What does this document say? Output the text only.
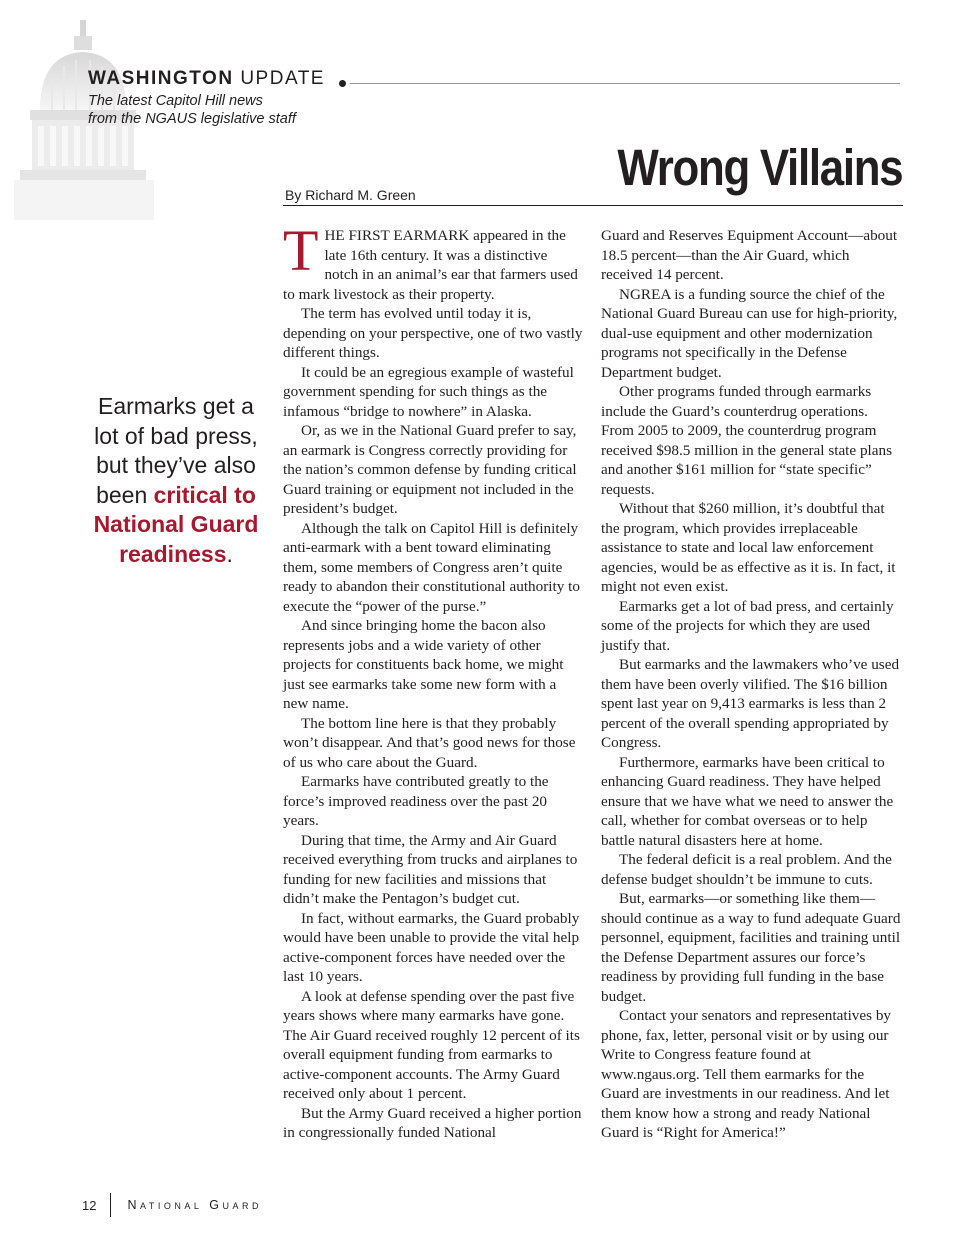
WASHINGTON UPDATE
The latest Capitol Hill news
from the NGAUS legislative staff
Wrong Villains
By Richard M. Green
Earmarks get a lot of bad press, but they’ve also been critical to National Guard readiness.

THE FIRST EARMARK appeared in the late 16th century. It was a distinctive notch in an animal’s ear that farmers used to mark livestock as their property.

The term has evolved until today it is, depending on your perspective, one of two vastly different things.

It could be an egregious example of wasteful government spending for such things as the infamous “bridge to nowhere” in Alaska.

Or, as we in the National Guard prefer to say, an earmark is Congress correctly providing for the nation’s common defense by funding critical Guard training or equipment not included in the president’s budget.

Although the talk on Capitol Hill is definitely anti-earmark with a bent toward eliminating them, some members of Congress aren’t quite ready to abandon their constitutional authority to execute the “power of the purse.”

And since bringing home the bacon also represents jobs and a wide variety of other projects for constituents back home, we might just see earmarks take some new form with a new name.

The bottom line here is that they probably won’t disappear. And that’s good news for those of us who care about the Guard.

Earmarks have contributed greatly to the force’s improved readiness over the past 20 years.

During that time, the Army and Air Guard received everything from trucks and airplanes to funding for new facilities and missions that didn’t make the Pentagon’s budget cut.

In fact, without earmarks, the Guard probably would have been unable to provide the vital help active-component forces have needed over the last 10 years.

A look at defense spending over the past five years shows where many earmarks have gone. The Air Guard received roughly 12 percent of its overall equipment funding from earmarks to active-component accounts. The Army Guard received only about 1 percent.

But the Army Guard received a higher portion in congressionally funded National

Guard and Reserves Equipment Account—about 18.5 percent—than the Air Guard, which received 14 percent.

NGREA is a funding source the chief of the National Guard Bureau can use for high-priority, dual-use equipment and other modernization programs not specifically in the Defense Department budget.

Other programs funded through earmarks include the Guard’s counterdrug operations. From 2005 to 2009, the counterdrug program received $98.5 million in the general state plans and another $161 million for “state specific” requests.

Without that $260 million, it’s doubtful that the program, which provides irreplaceable assistance to state and local law enforcement agencies, would be as effective as it is. In fact, it might not even exist.

Earmarks get a lot of bad press, and certainly some of the projects for which they are used justify that.

But earmarks and the lawmakers who’ve used them have been overly vilified. The $16 billion spent last year on 9,413 earmarks is less than 2 percent of the overall spending appropriated by Congress.

Furthermore, earmarks have been critical to enhancing Guard readiness. They have helped ensure that we have what we need to answer the call, whether for combat overseas or to help battle natural disasters here at home.

The federal deficit is a real problem. And the defense budget shouldn’t be immune to cuts.

But, earmarks—or something like them—should continue as a way to fund adequate Guard personnel, equipment, facilities and training until the Defense Department assures our force’s readiness by providing full funding in the base budget.

Contact your senators and representatives by phone, fax, letter, personal visit or by using our Write to Congress feature found at www.ngaus.org. Tell them earmarks for the Guard are investments in our readiness. And let them know how a strong and ready National Guard is “Right for America!”

12 National Guard
